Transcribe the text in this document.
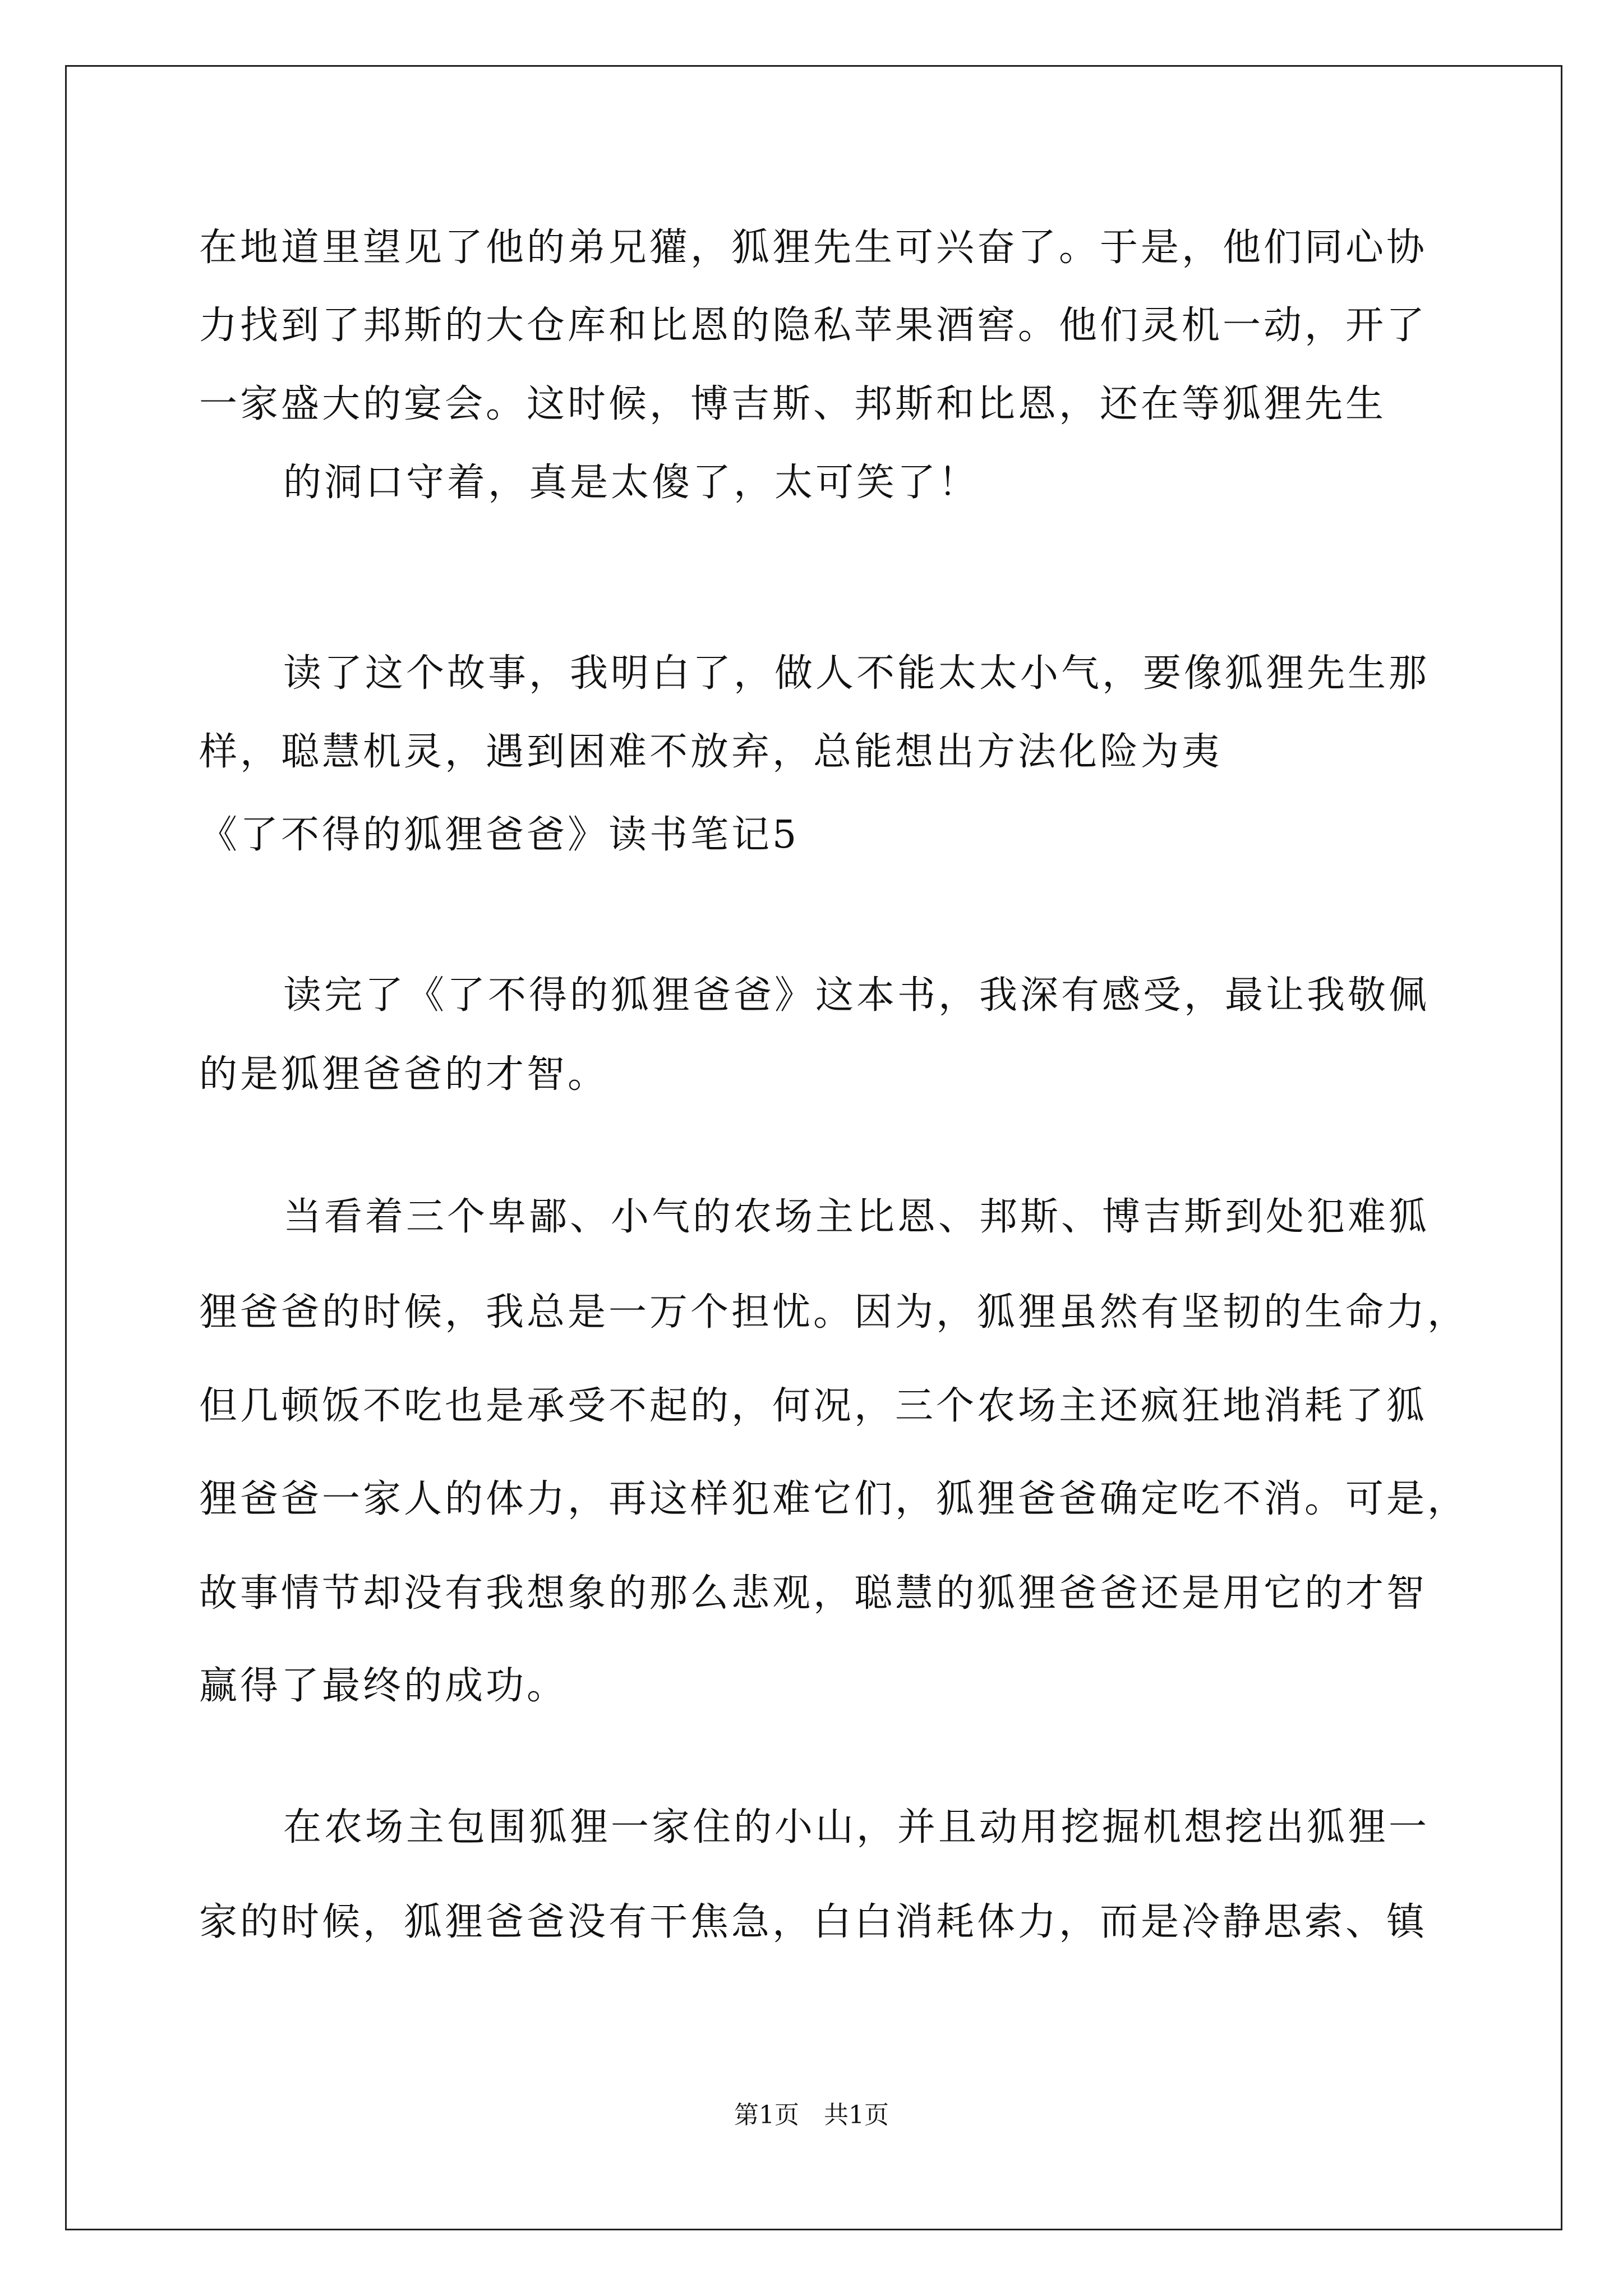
在地道里望见了他的弟兄獾，狐狸先生可兴奋了。于是，他们同心协
力找到了邦斯的大仓库和比恩的隐私苹果酒窖。他们灵机一动，开了
一家盛大的宴会。这时候，博吉斯、邦斯和比恩，还在等狐狸先生
的洞口守着，真是太傻了，太可笑了！
读了这个故事，我明白了，做人不能太太小气，要像狐狸先生那
样，聪慧机灵，遇到困难不放弃，总能想出方法化险为夷
《了不得的狐狸爸爸》读书笔记5
读完了《了不得的狐狸爸爸》这本书，我深有感受，最让我敬佩
的是狐狸爸爸的才智。
当看着三个卑鄙、小气的农场主比恩、邦斯、博吉斯到处犯难狐
狸爸爸的时候，我总是一万个担忧。因为，狐狸虽然有坚韧的生命力，
但几顿饭不吃也是承受不起的，何况，三个农场主还疯狂地消耗了狐
狸爸爸一家人的体力，再这样犯难它们，狐狸爸爸确定吃不消。可是，
故事情节却没有我想象的那么悲观，聪慧的狐狸爸爸还是用它的才智
赢得了最终的成功。
在农场主包围狐狸一家住的小山，并且动用挖掘机想挖出狐狸一
家的时候，狐狸爸爸没有干焦急，白白消耗体力，而是冷静思索、镇
第1页　共1页
